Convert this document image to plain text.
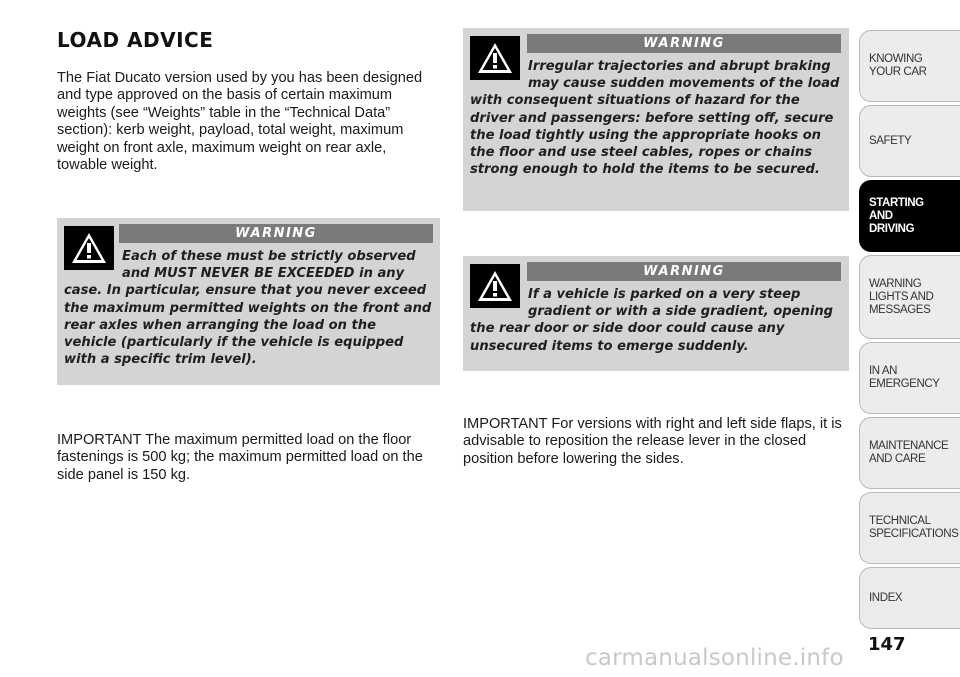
LOAD ADVICE

The Fiat Ducato version used by you has been designed and type approved on the basis of certain maximum weights (see “Weights” table in the “Technical Data” section): kerb weight, payload, total weight, maximum weight on front axle, maximum weight on rear axle, towable weight.

WARNING

Each of these must be strictly observed and MUST NEVER BE EXCEEDED in any case. In particular, ensure that you never exceed the maximum permitted weights on the front and rear axles when arranging the load on the vehicle (particularly if the vehicle is equipped with a specific trim level).

WARNING

Irregular trajectories and abrupt braking may cause sudden movements of the load with consequent situations of hazard for the driver and passengers: before setting off, secure the load tightly using the appropriate hooks on the floor and use steel cables, ropes or chains strong enough to hold the items to be secured.

WARNING

If a vehicle is parked on a very steep gradient or with a side gradient, opening the rear door or side door could cause any unsecured items to emerge suddenly.

IMPORTANT The maximum permitted load on the floor fastenings is 500 kg; the maximum permitted load on the side panel is 150 kg.

IMPORTANT For versions with right and left side flaps, it is advisable to reposition the release lever in the closed position before lowering the sides.

KNOWING
YOUR CAR
SAFETY
STARTING
AND
DRIVING
WARNING
LIGHTS AND
MESSAGES
IN AN
EMERGENCY
MAINTENANCE
AND CARE
TECHNICAL
SPECIFICATIONS
INDEX

147

carmanualsonline.info
